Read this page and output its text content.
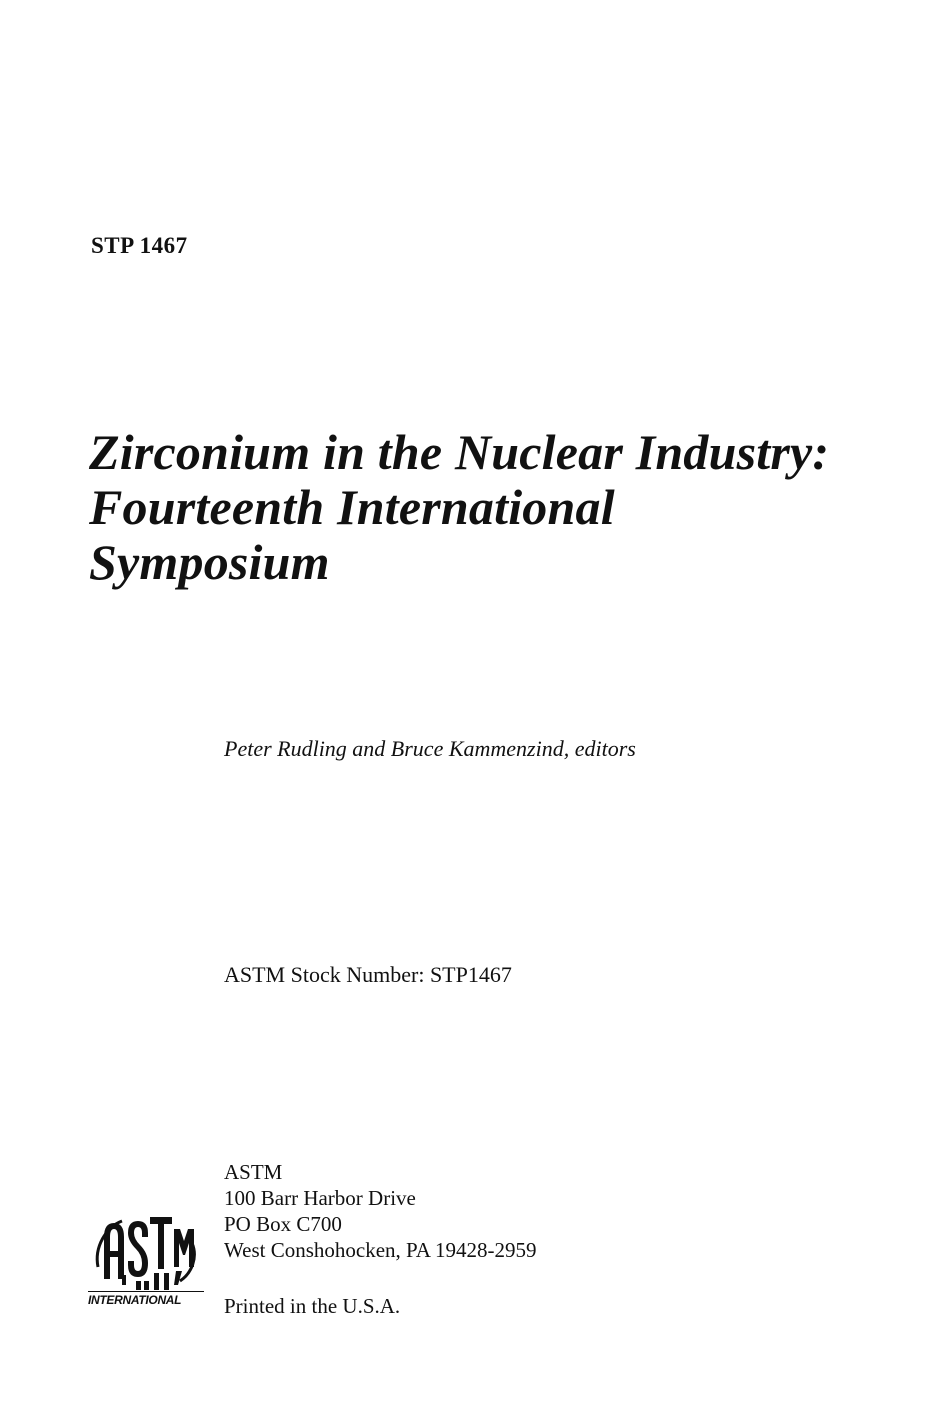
STP 1467

Zirconium in the Nuclear Industry:
Fourteenth International
Symposium

Peter Rudling and Bruce Kammenzind, editors

ASTM Stock Number: STP1467

ASTM
100 Barr Harbor Drive
PO Box C700
West Conshohocken, PA 19428-2959

Printed in the U.S.A.

INTERNATIONAL
